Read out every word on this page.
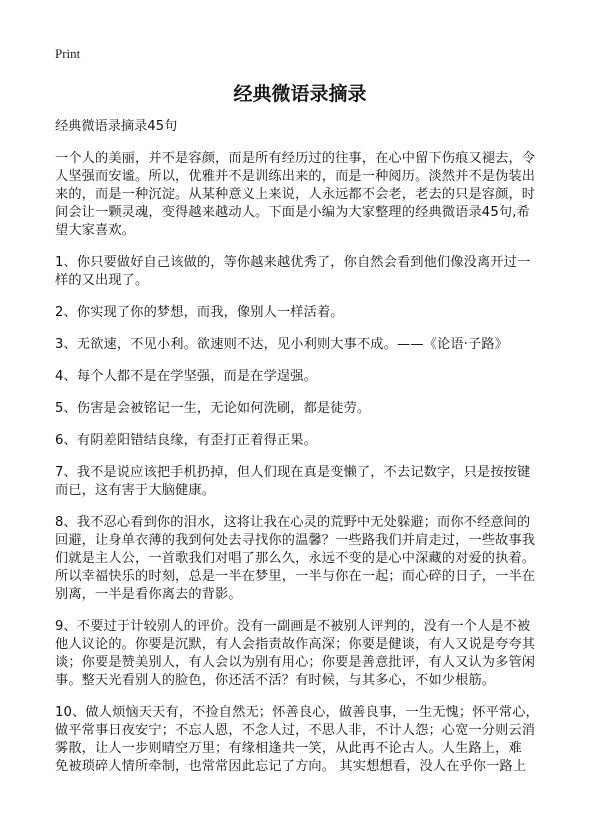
Print
经典微语录摘录
经典微语录摘录45句
一个人的美丽，并不是容颜，而是所有经历过的往事，在心中留下伤痕又褪去，令
人坚强而安谧。所以，优雅并不是训练出来的，而是一种阅历。淡然并不是伪装出
来的，而是一种沉淀。从某种意义上来说，人永远都不会老，老去的只是容颜，时
间会让一颗灵魂，变得越来越动人。下面是小编为大家整理的经典微语录45句,希
望大家喜欢。
1、你只要做好自己该做的，等你越来越优秀了，你自然会看到他们像没离开过一
样的又出现了。
2、你实现了你的梦想，而我，像别人一样活着。
3、无欲速，不见小利。欲速则不达，见小利则大事不成。——《论语·子路》
4、每个人都不是在学坚强，而是在学逞强。
5、伤害是会被铭记一生，无论如何洗刷，都是徒劳。
6、有阴差阳错结良缘，有歪打正着得正果。
7、我不是说应该把手机扔掉，但人们现在真是变懒了，不去记数字，只是按按键
而已，这有害于大脑健康。
8、我不忍心看到你的泪水，这将让我在心灵的荒野中无处躲避；而你不经意间的
回避，让身单衣薄的我到何处去寻找你的温馨？一些路我们并肩走过，一些故事我
们就是主人公，一首歌我们对唱了那么久，永远不变的是心中深藏的对爱的执着。
所以幸福快乐的时刻，总是一半在梦里，一半与你在一起；而心碎的日子，一半在
别离，一半是看你离去的背影。
9、不要过于计较别人的评价。没有一副画是不被别人评判的，没有一个人是不被
他人议论的。你要是沉默，有人会指责故作高深；你要是健谈，有人又说是夸夸其
谈；你要是赞美别人，有人会以为别有用心；你要是善意批评，有人又认为多管闲
事。整天光看别人的脸色，你还活不活？有时候，与其多心，不如少根筋。
10、做人烦恼天天有，不捡自然无；怀善良心，做善良事，一生无愧；怀平常心，
做平常事日夜安宁；不忘人恩，不念人过，不思人非，不计人怨；心宽一分则云消
雾散，让人一步则晴空万里；有缘相逢共一笑，从此再不论古人。人生路上，难
免被琐碎人情所牵制，也常常因此忘记了方向。 其实想想看，没人在乎你一路上
